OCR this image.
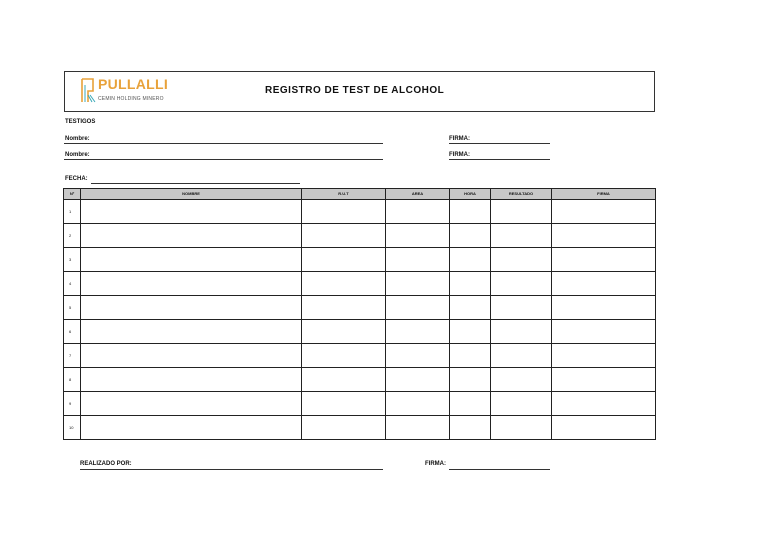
PULLALLI
CEMIN HOLDING MINERO
REGISTRO DE TEST DE ALCOHOL
TESTIGOS
Nombre:	FIRMA:
Nombre:	FIRMA:
FECHA:
Nº	NOMBRE	R.U.T	AREA	HORA	RESULTADO	FIRMA
1						
2						
3						
4						
5						
6						
7						
8						
9						
10						
REALIZADO POR:	FIRMA:
